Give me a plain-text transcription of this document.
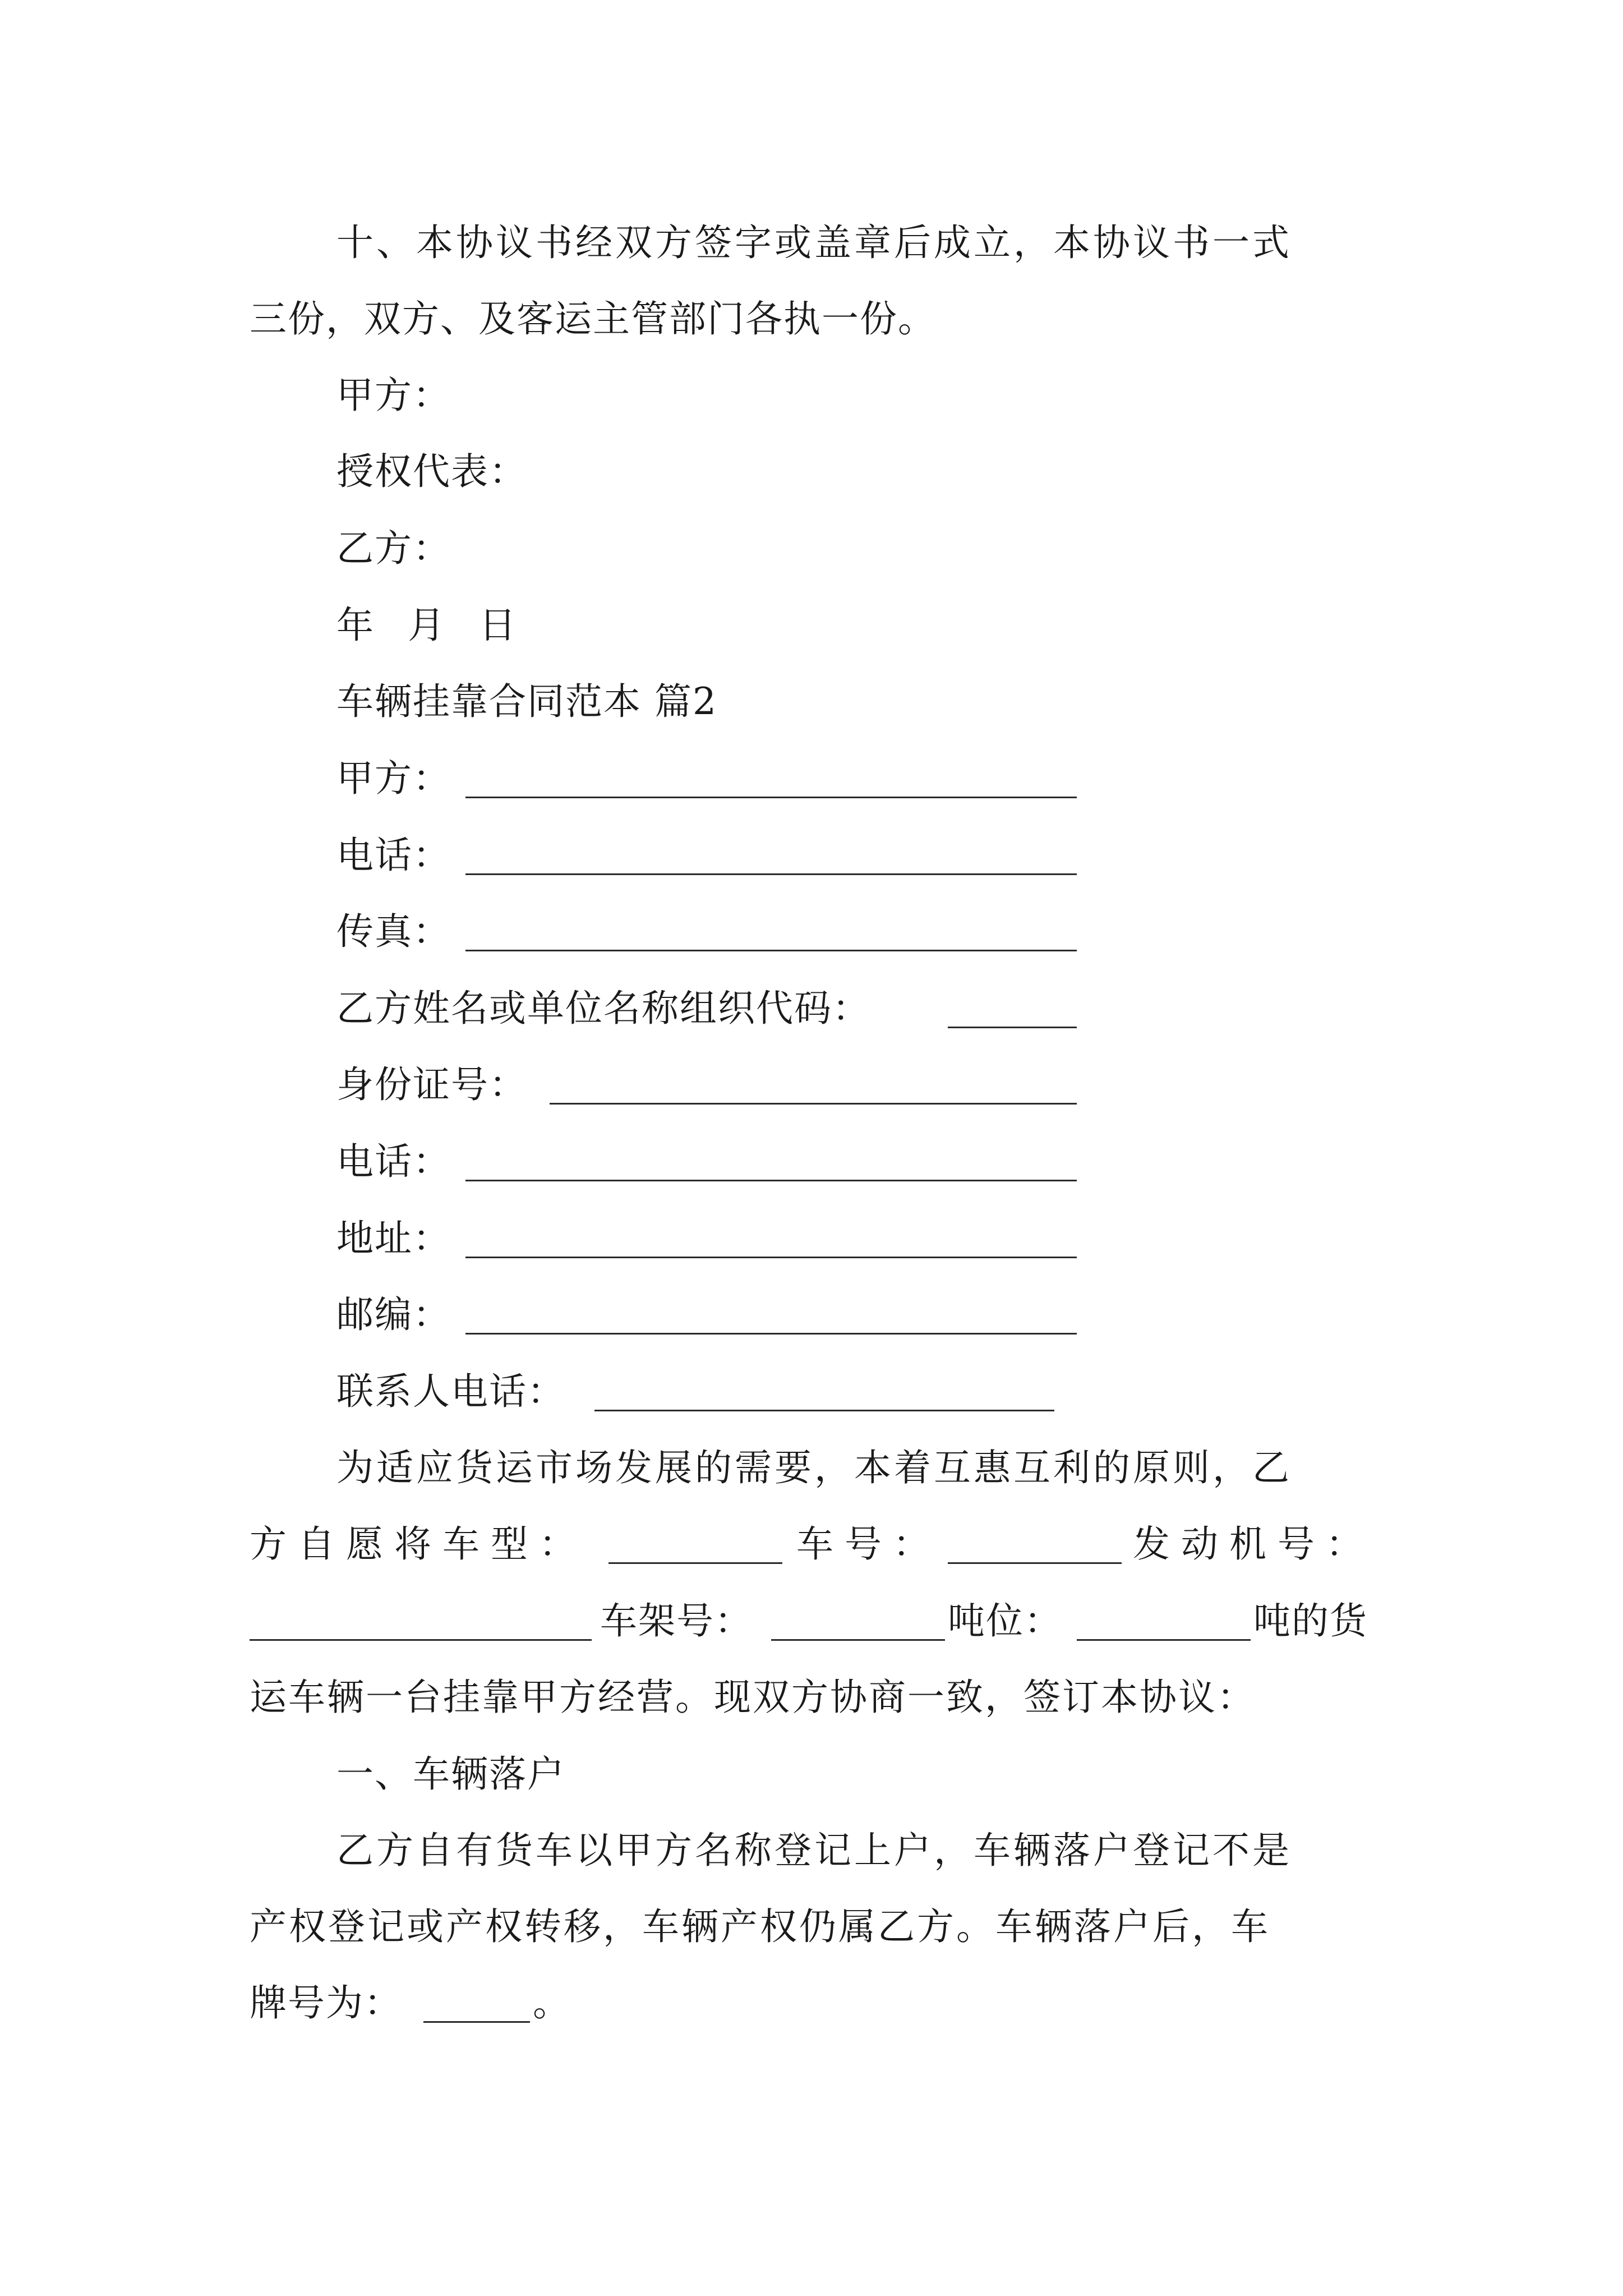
十、本协议书经双方签字或盖章后成立，本协议书一式
三份，双方、及客运主管部门各执一份。
甲方：
授权代表：
乙方：
年 月 日
车辆挂靠合同范本 篇2
甲方：
电话：
传真：
乙方姓名或单位名称组织代码：
身份证号：
电话：
地址：
邮编：
联系人电话：
为适应货运市场发展的需要，本着互惠互利的原则，乙
方自愿将车型：	车号：	发动机号：
车架号：	吨位：	吨的货
运车辆一台挂靠甲方经营。现双方协商一致，签订本协议：
一、车辆落户
乙方自有货车以甲方名称登记上户，车辆落户登记不是
产权登记或产权转移，车辆产权仍属乙方。车辆落户后，车
牌号为：	。
